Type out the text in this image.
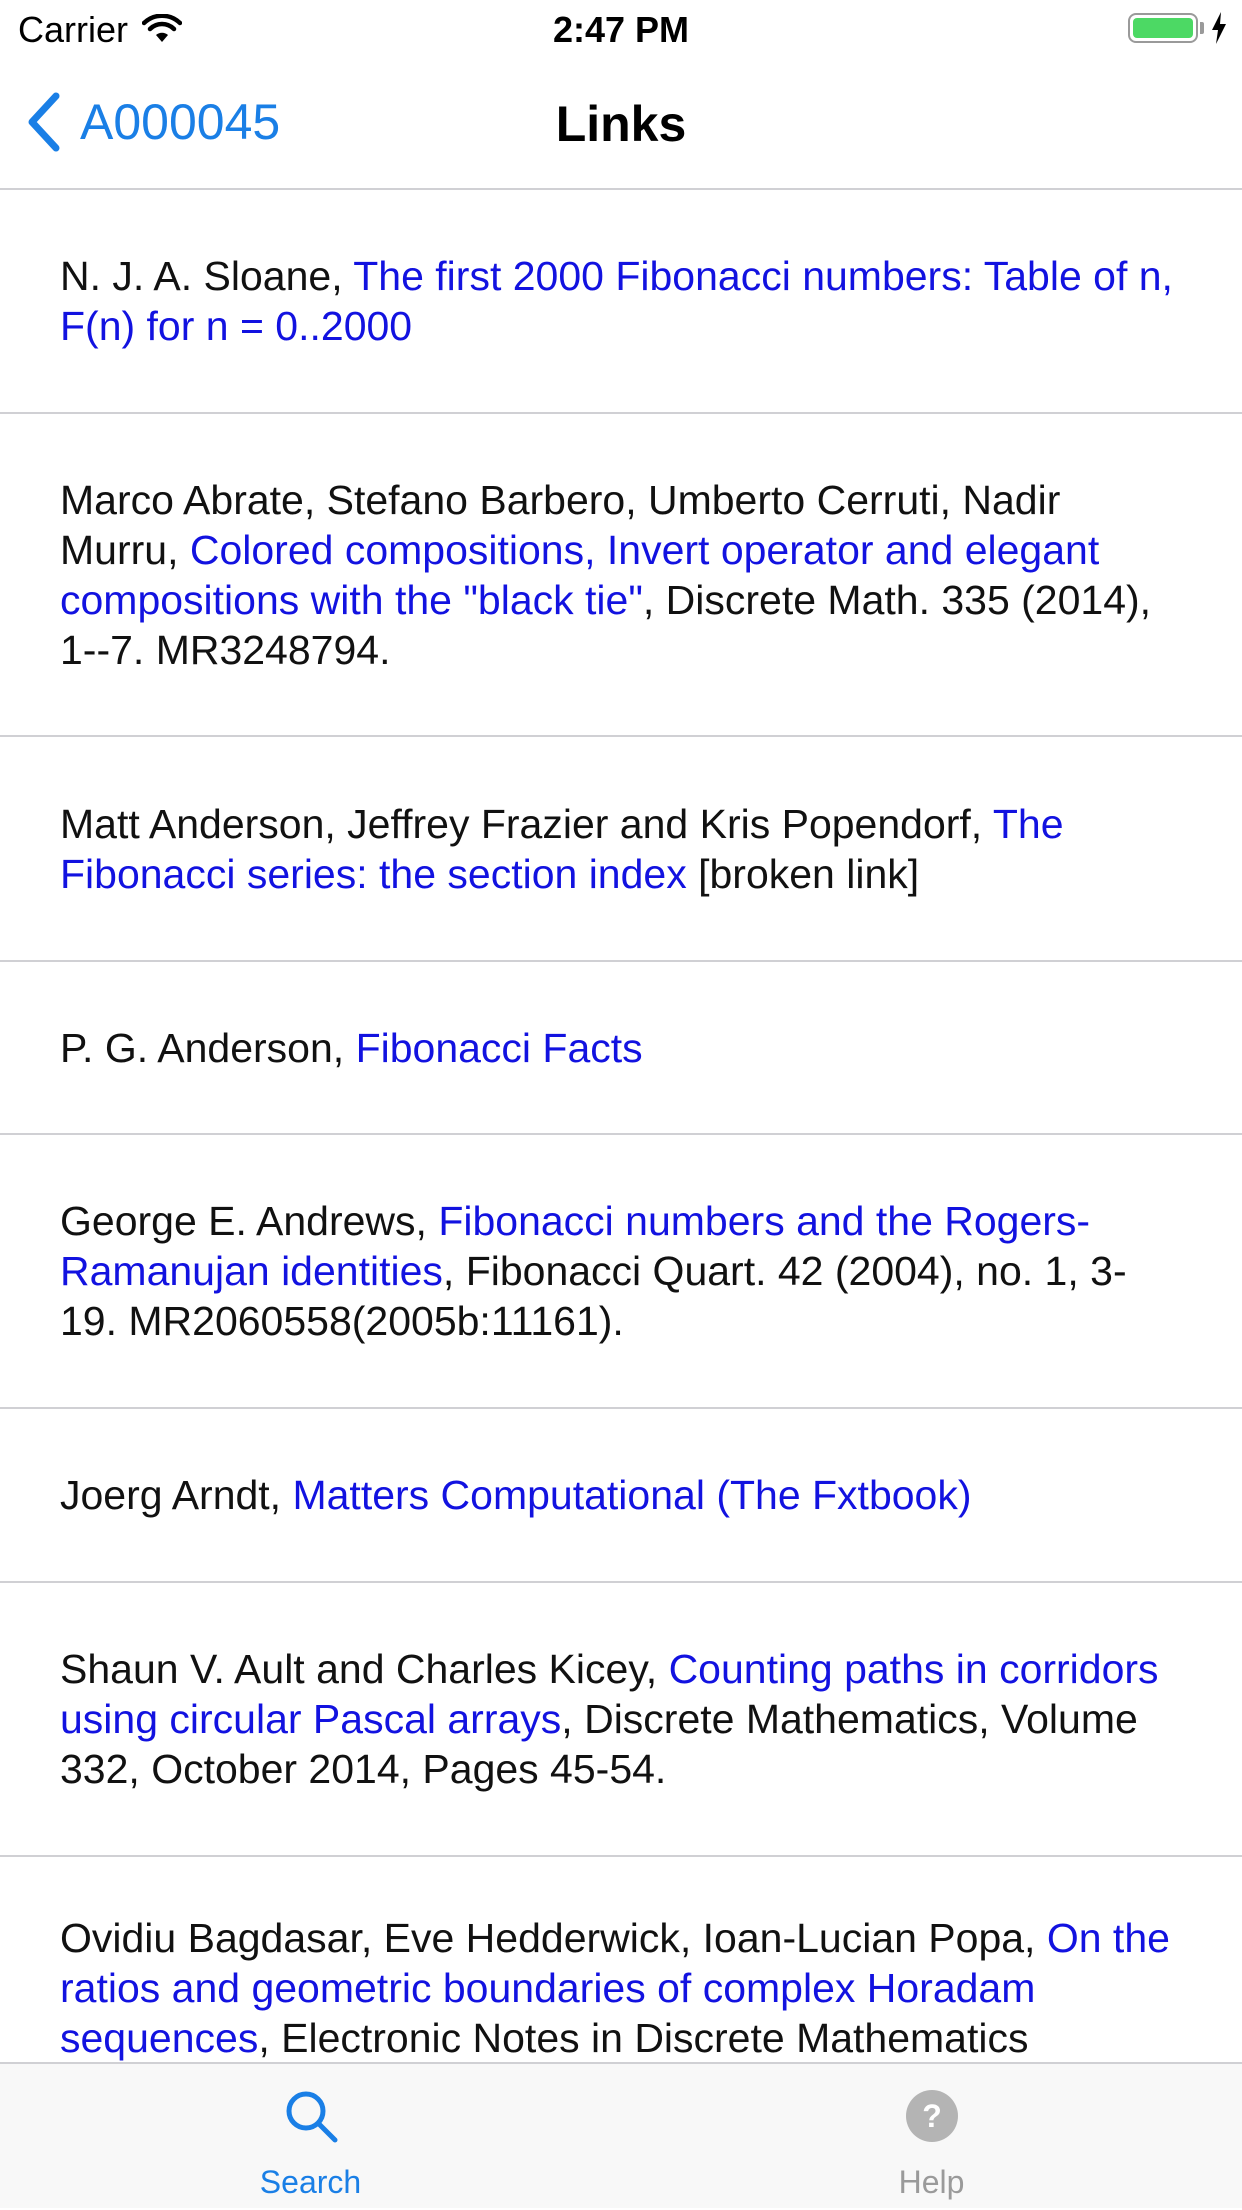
Carrier	2:47 PM
A000045	Links
N. J. A. Sloane, The first 2000 Fibonacci numbers: Table of n, F(n) for n = 0..2000
Marco Abrate, Stefano Barbero, Umberto Cerruti, Nadir Murru, Colored compositions, Invert operator and elegant compositions with the "black tie", Discrete Math. 335 (2014), 1--7. MR3248794.
Matt Anderson, Jeffrey Frazier and Kris Popendorf, The Fibonacci series: the section index [broken link]
P. G. Anderson, Fibonacci Facts
George E. Andrews, Fibonacci numbers and the Rogers-Ramanujan identities, Fibonacci Quart. 42 (2004), no. 1, 3-19. MR2060558(2005b:11161).
Joerg Arndt, Matters Computational (The Fxtbook)
Shaun V. Ault and Charles Kicey, Counting paths in corridors using circular Pascal arrays, Discrete Mathematics, Volume 332, October 2014, Pages 45-54.
Ovidiu Bagdasar, Eve Hedderwick, Ioan-Lucian Popa, On the ratios and geometric boundaries of complex Horadam sequences, Electronic Notes in Discrete Mathematics
Search
?
Help
